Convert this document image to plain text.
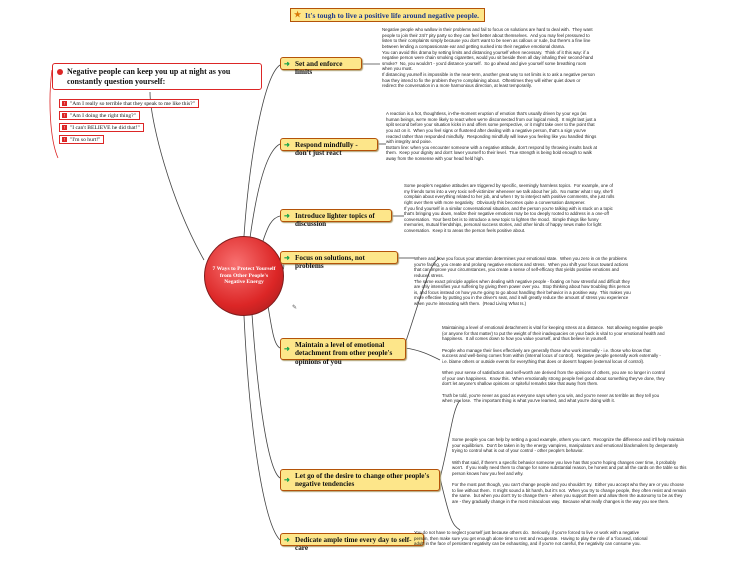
★ It's tough to live a positive life around negative people.
Negative people can keep you up at night as you constantly question yourself:
! "Am I really so terrible that they speak to me like this?"
! "Am I doing the right thing?"
! "I can't BELIEVE he did that!"
! "I'm so hurt!"
7 Ways to Protect Yourself from Other People's Negative Energy
✎
➜ Set and enforce limits
➜ Respond mindfully - don't just react
➜ Introduce lighter topics of discussion
➜ Focus on solutions, not problems
➜ Maintain a level of emotional detachment from other people's opinions of you
➜ Let go of the desire to change other people's negative tendencies
➜ Dedicate ample time every day to self-care
Negative people who wallow in their problems and fail to focus on solutions are hard to deal with.  They want people to join their 24/7 pity party so they can feel better about themselves.  And you may feel pressured to listen to their complaints simply because you don't want to be seen as callous or rude, but there's a fine line between lending a compassionate ear and getting sucked into their negative emotional drama.
You can avoid this drama by setting limits and distancing yourself when necessary.  Think of it this way: if a negative person were chain smoking cigarettes, would you sit beside them all day inhaling their second-hand smoke?  No, you wouldn't - you'd distance yourself.  So go ahead and give yourself some breathing room when you must.
If distancing yourself is impossible in the near-term, another great way to set limits is to ask a negative person how they intend to fix the problem they're complaining about.  Oftentimes they will either quiet down or redirect the conversation in a more harmonious direction, at least temporarily.
A reaction is a hot, thoughtless, in-the-moment eruption of emotion that's usually driven by your ego (as human beings, we're more likely to react when we're disconnected from our logical mind).  It might last just a split second before your situation kicks in and offers some perspective, or it might take over to the point that you act on it.  When you feel signs or flustered after dealing with a negative person, that's a sign you've reacted rather than responded mindfully.  Responding mindfully will leave you feeling like you handled things with integrity and poise.
Bottom line: when you encounter someone with a negative attitude, don't respond by throwing insults back at them.  Keep your dignity and don't lower yourself to their level.  True strength is being bold enough to walk away from the nonsense with your head held high.
Some people's negative attitudes are triggered by specific, seemingly harmless topics.  For example, one of my friends turns into a very toxic self-victimizer whenever we talk about her job.  No matter what I say, she'll complain about everything related to her job, and when I try to interject with positive comments, she just rolls right over them with more negativity.  Obviously this becomes quite a conversation dampener.
If you find yourself in a similar conversational situation, and the person you're talking with is stuck on a topic that's bringing you down, realize their negative emotions may be too deeply rooted to address in a one-off conversation.  Your best bet is to introduce a new topic to lighten the mood.  Simple things like funny memories, mutual friendships, personal success stories, and other kinds of happy news make for light conversation.  Keep it to areas the person feels positive about.
Where and how you focus your attention determines your emotional state.  When you zero in on the problems you're facing, you create and prolong negative emotions and stress.  When you shift your focus toward actions that can improve your circumstances, you create a sense of self-efficacy that yields positive emotions and reduces stress.
The same exact principle applies when dealing with negative people - fixating on how stressful and difficult they are only intensifies your suffering by giving them power over you.  Stop thinking about how troubling this person is, and focus instead on how you're going to go about handling their behavior in a positive way.  This makes you more effective by putting you in the driver's seat, and it will greatly reduce the amount of stress you experience when you're interacting with them.  (Read Living What Is.)
Maintaining a level of emotional detachment is vital for keeping stress at a distance.  Not allowing negative people (or anyone for that matter) to put the weight of their inadequacies on your back is vital to your emotional health and happiness.  It all comes down to how you value yourself, and thus believe in yourself.

People who manage their lives effectively are generally those who work internally - i.e. those who know that success and well-being comes from within (internal locus of control).  Negative people generally work externally - i.e. blame others or outside events for everything that does or doesn't happen (external locus of control).

When your sense of satisfaction and self-worth are derived from the opinions of others, you are no longer in control of your own happiness.  Know this.  When emotionally strong people feel good about something they've done, they don't let anyone's shallow opinions or spiteful remarks take that away from them.

Truth be told, you're never as good as everyone says when you win, and you're never as terrible as they tell you when you lose.  The important thing is what you've learned, and what you're doing with it.
Some people you can help by setting a good example, others you can't.  Recognize the difference and it'll help maintain your equilibrium.  Don't be taken in by the energy vampires, manipulators and emotional blackmailers by desperately trying to control what is out of your control - other people's behavior.

With that said, if there's a specific behavior someone you love has that you're hoping changes over time, it probably won't.  If you really need them to change for some substantial reason, be honest and put all the cards on the table so this person knows how you feel and why.

For the most part though, you can't change people and you shouldn't try.  Either you accept who they are or you choose to live without them.  It might sound a bit harsh, but it's not.  When you try to change people, they often resist and remain the same.  but when you don't try to change them - when you support them and allow them the autonomy to be as they are - they gradually change in the most miraculous way.  Because what really changes is the way you see them.
You do not have to neglect yourself just because others do.  Seriously, if you're forced to live or work with a negative person, then make sure you get enough alone time to rest and recuperate.  Having to play the role of a 'focused, rational adult' in the face of persistent negativity can be exhausting, and if you're not careful, the negativity can consume you.
